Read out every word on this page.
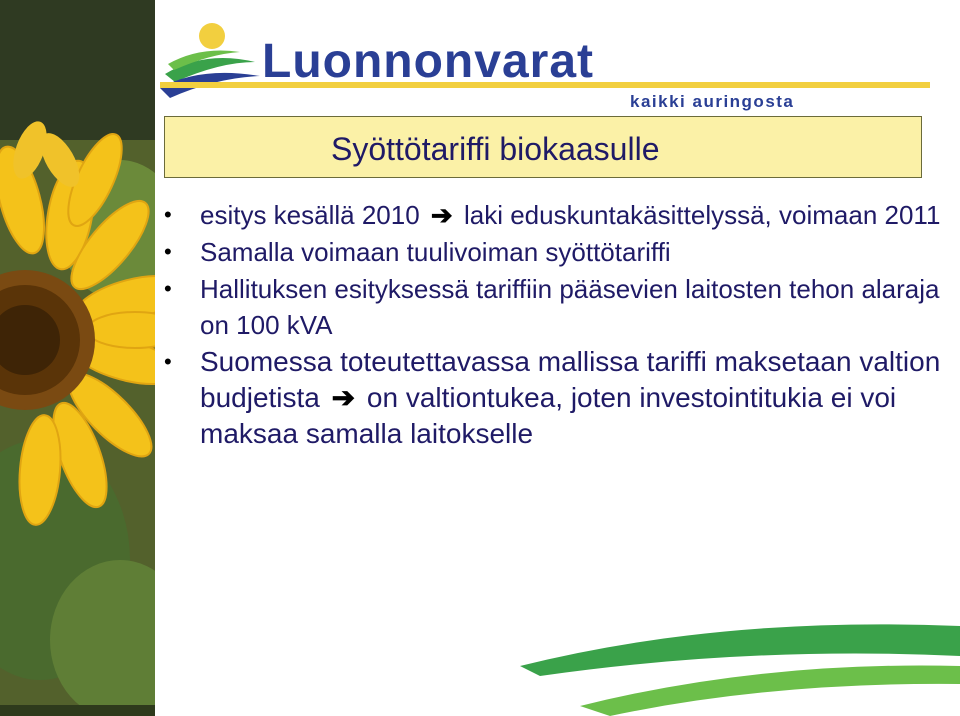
Luonnonvarat
kaikki auringosta
Syöttötariffi biokaasulle
• esitys kesällä 2010 ➔ laki eduskuntakäsittelyssä, voimaan 2011
• Samalla voimaan tuulivoiman syöttötariffi
• Hallituksen esityksessä tariffiin pääsevien laitosten tehon alaraja on 100 kVA
• Suomessa toteutettavassa mallissa tariffi maksetaan valtion budjetista ➔ on valtiontukea, joten investointitukia ei voi maksaa samalla laitokselle
